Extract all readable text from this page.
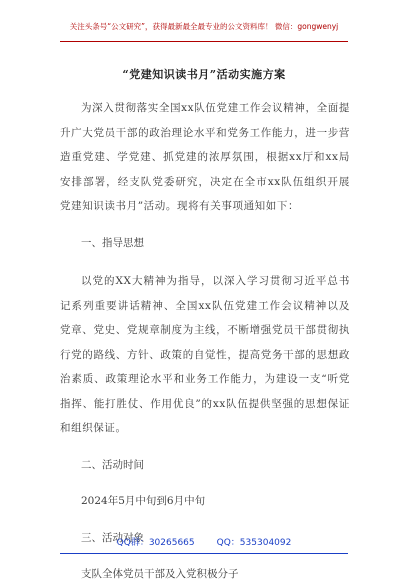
关注头条号“公文研究”，获得最新最全最专业的公文资料库！ 微信：gongwenyj
“党建知识读书月”活动实施方案

为深入贯彻落实全国xx队伍党建工作会议精神，全面提升广大党员干部的政治理论水平和党务工作能力，进一步营造重党建、学党建、抓党建的浓厚氛围，根据xx厅和xx局安排部署，经支队党委研究，决定在全市xx队伍组织开展党建知识读书月”活动。现将有关事项通知如下：

一、指导思想

以党的XX大精神为指导，以深入学习贯彻习近平总书记系列重要讲话精神、全国xx队伍党建工作会议精神以及党章、党史、党规章制度为主线，不断增强党员干部贯彻执行党的路线、方针、政策的自觉性，提高党务干部的思想政治素质、政策理论水平和业务工作能力，为建设一支“听党指挥、能打胜仗、作用优良”的xx队伍提供坚强的思想保证和组织保证。

二、活动时间

2024年5月中旬到6月中旬

三、活动对象

支队全体党员干部及入党积极分子

QQ群：30265665 QQ：535304092
